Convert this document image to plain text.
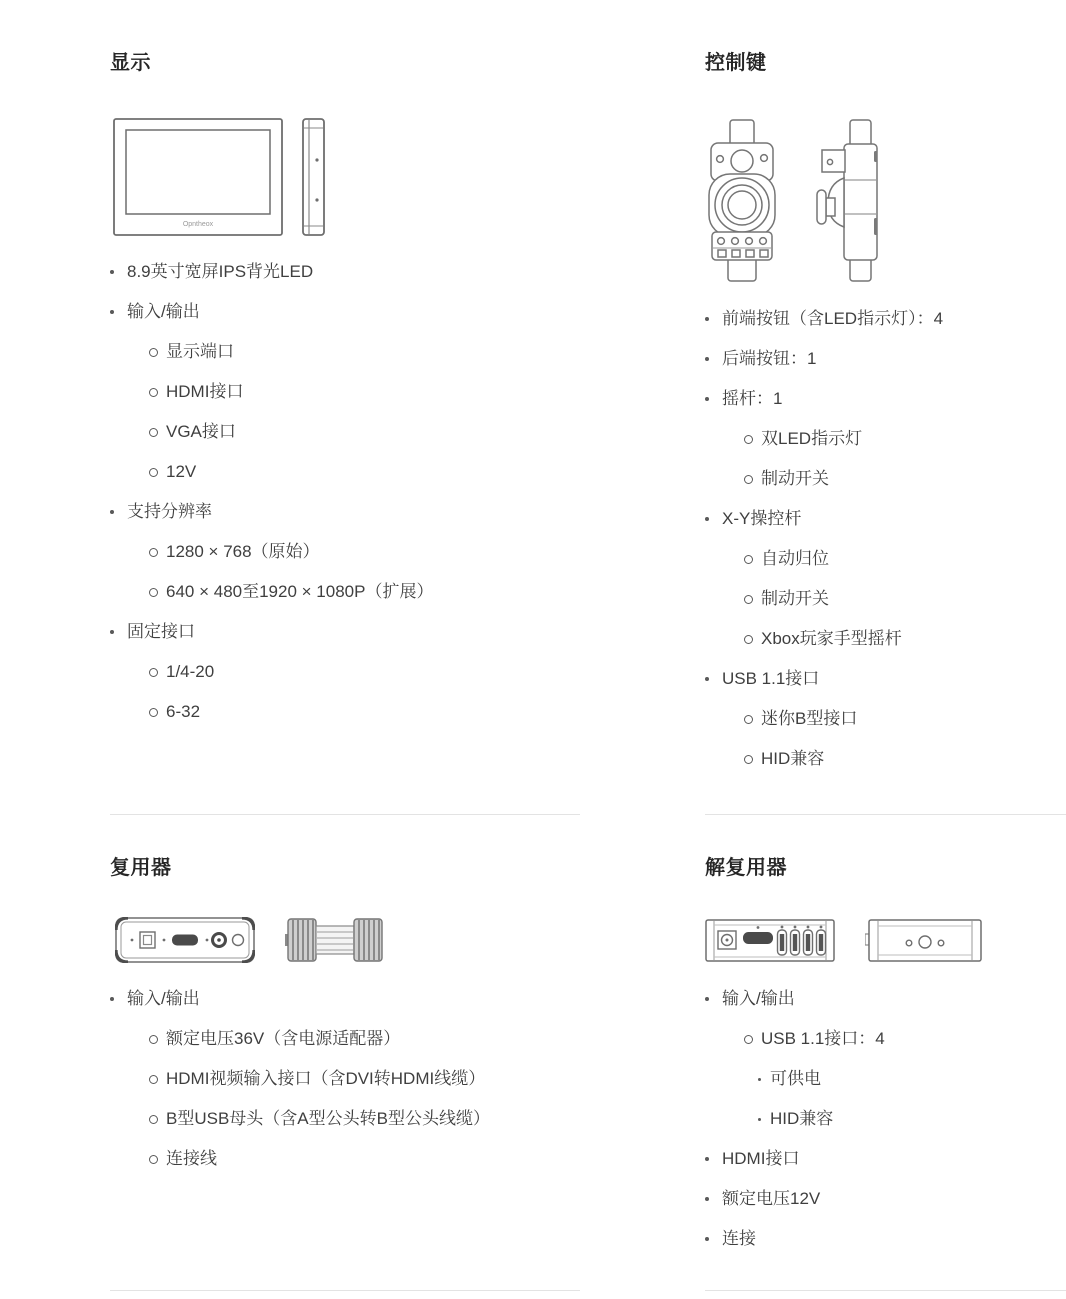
显示
Opntheox
8.9英寸宽屏IPS背光LED
输入/输出
显示端口
HDMI接口
VGA接口
12V
支持分辨率
1280 × 768（原始）
640 × 480至1920 × 1080P（扩展）
固定接口
1/4-20
6-32
控制键
前端按钮（含LED指示灯）：4
后端按钮：1
摇杆：1
双LED指示灯
制动开关
X-Y操控杆
自动归位
制动开关
Xbox玩家手型摇杆
USB 1.1接口
迷你B型接口
HID兼容
复用器
输入/输出
额定电压36V（含电源适配器）
HDMI视频输入接口（含DVI转HDMI线缆）
B型USB母头（含A型公头转B型公头线缆）
连接线
解复用器
输入/输出
USB 1.1接口：4
可供电
HID兼容
HDMI接口
额定电压12V
连接
